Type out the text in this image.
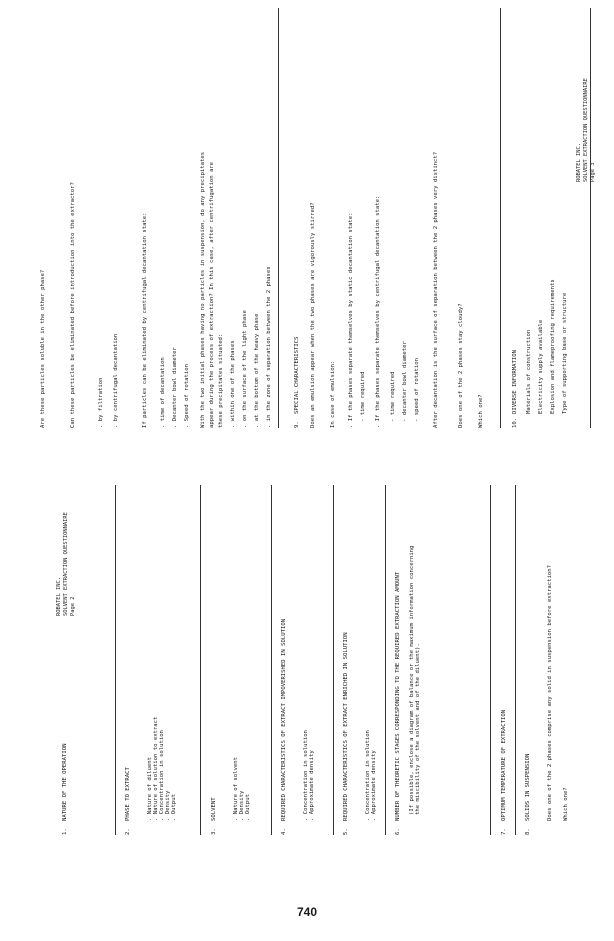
740
ROBATEL INC. SOLVENT EXTRACTION QUESTIONNAIRE Page 2
1.
NATURE OF THE OPERATION
2.
PHASE TO EXTRACT	. Nature of diluent . Nature of solution to extract . Concentration in solution . Density . Output
3.
SOLVENT	. Nature of solvent . Density . Output
4.
REQUIRED CHARACTERISTICS OF EXTRACT IMPOVERISHED IN SOLUTION	. Concentration in solution . Approximate density
5.
REQUIRED CHARACTERISTICS OF EXTRACT ENRICHED IN SOLUTION	. Concentration in solution . Approximate density
6.
NUMBER OF THEORETIC STAGES CORRESPONDING TO THE REQUIRED EXTRACTION AMOUNT (If possible, enclose a diagram of balance or the maximum information concerning the miscibility of the solvent and of the diluent).
7.
OPTIMUM TEMPERATURE OF EXTRACTION
8.
SOLIDS IN SUSPENSION	Does one of the 2 phases comprise any solid in suspension before extraction? Which one?
ROBATEL INC. SOLVENT EXTRACTION QUESTIONNAIRE Page 3
Are these particles soluble in the other phase?	Can these particles be eliminated before introduction into the extractor?	. by filtration . by centrifugal decantation	If particles can be eliminated by centrifugal decantation state: . time of decantation . Decanter bowl diameter . Speed of rotation With the two initial phases having no particles in suspension, do any precipitates appear during the process of extraction? In this case, after centrifugation are these precipitates situated: . within one of the phases . on the surface of the light phase . at the bottom of the heavy phase . in the zone of separation between the 2 phases	9.
SPECIAL CHARACTERISTICS Does an emulsion appear when the two phases are vigorously stirred?	In case of emulsion: . If the phases separate themselves by static decantation state: - time required . If the phases separate themselves by centrifugal decantation state: - time required - decanter bowl diameter - speed of rotation After decantation is the surface of separation between the 2 phases very distinct?	Does one of the 2 phases stay cloudy?	Which one?	10.
DIVERSE INFORMATION Materials of construction Electricity supply available Explosion and flameproofing requirements Type of supporting base or structure
